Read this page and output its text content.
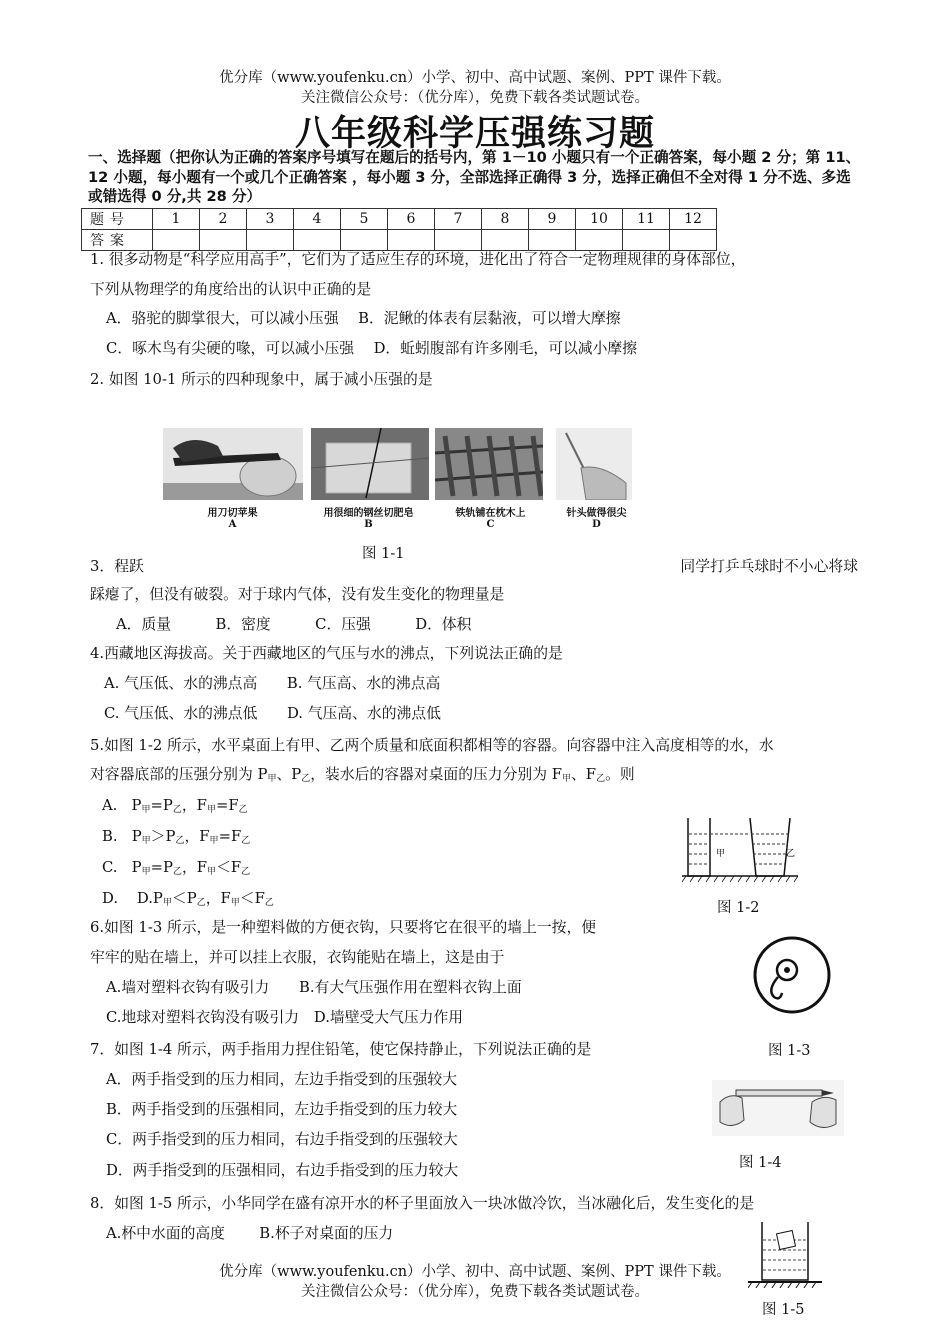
优分库（www.youfenku.cn）小学、初中、高中试题、案例、PPT 课件下载。
关注微信公众号：（优分库），免费下载各类试题试卷。
八年级科学压强练习题
一、选择题（把你认为正确的答案序号填写在题后的括号内，第 1－10 小题只有一个正确答案，每小题 2 分；第 11、12 小题，每小题有一个或几个正确答案 ，每小题 3 分，全部选择正确得 3 分，选择正确但不全对得 1 分不选、多选或错选得 0 分,共 28 分）
题号	1	2	3	4	5	6	7	8	9	10	11	12
答案												
1. 很多动物是“科学应用高手”，它们为了适应生存的环境，进化出了符合一定物理规律的身体部位，
下列从物理学的角度给出的认识中正确的是
A．骆驼的脚掌很大，可以减小压强 　B．泥鳅的体表有层黏液，可以增大摩擦
C．啄木鸟有尖硬的喙，可以减小压强 　D．蚯蚓腹部有许多刚毛，可以减小摩擦
2. 如图 10-1 所示的四种现象中，属于减小压强的是
用刀切苹果
A
用很细的钢丝切肥皂
B
铁轨铺在枕木上
C
针头做得很尖
D
图 1-1
3．程跃	同学打乒乓球时不小心将球
踩瘪了，但没有破裂。对于球内气体，没有发生变化的物理量是
A．质量　　　B．密度　　　C．压强　　　D．体积
4.西藏地区海拔高。关于西藏地区的气压与水的沸点，下列说法正确的是
A. 气压低、水的沸点高　　B. 气压高、水的沸点高
C. 气压低、水的沸点低　　D. 气压高、水的沸点低
5.如图 1-2 所示，水平桌面上有甲、乙两个质量和底面积都相等的容器。向容器中注入高度相等的水，水
对容器底部的压强分别为 $P_甲$、$P_乙$，装水后的容器对桌面的压力分别为 $F_甲$、$F_乙$。则
A.   $P_甲=P_乙$，$F_甲=F_乙$
B.   $P_甲>P_乙$，$F_甲=F_乙$
C.   $P_甲=P_乙$，$F_甲<F_乙$
D. $D.P_甲<P_乙$，$F_甲<F_乙$
甲	乙
图 1-2
6.如图 1-3 所示，是一种塑料做的方便衣钩，只要将它在很平的墙上一按，便
牢牢的贴在墙上，并可以挂上衣服，衣钩能贴在墙上，这是由于
A.墙对塑料衣钩有吸引力　　B.有大气压强作用在塑料衣钩上面
C.地球对塑料衣钩没有吸引力　D.墙壁受大气压力作用
图 1-3
7．如图 1-4 所示，两手指用力捏住铅笔，使它保持静止，下列说法正确的是
A．两手指受到的压力相同，左边手指受到的压强较大
B．两手指受到的压强相同，左边手指受到的压力较大
C．两手指受到的压力相同，右边手指受到的压强较大
D．两手指受到的压强相同，右边手指受到的压力较大	图 1-4
8．如图 1-5 所示，小华同学在盛有凉开水的杯子里面放入一块冰做冷饮，当冰融化后，发生变化的是
A.杯中水面的高度　　 B.杯子对桌面的压力
优分库（www.youfenku.cn）小学、初中、高中试题、案例、PPT 课件下载。
关注微信公众号：（优分库），免费下载各类试题试卷。
图 1-5
